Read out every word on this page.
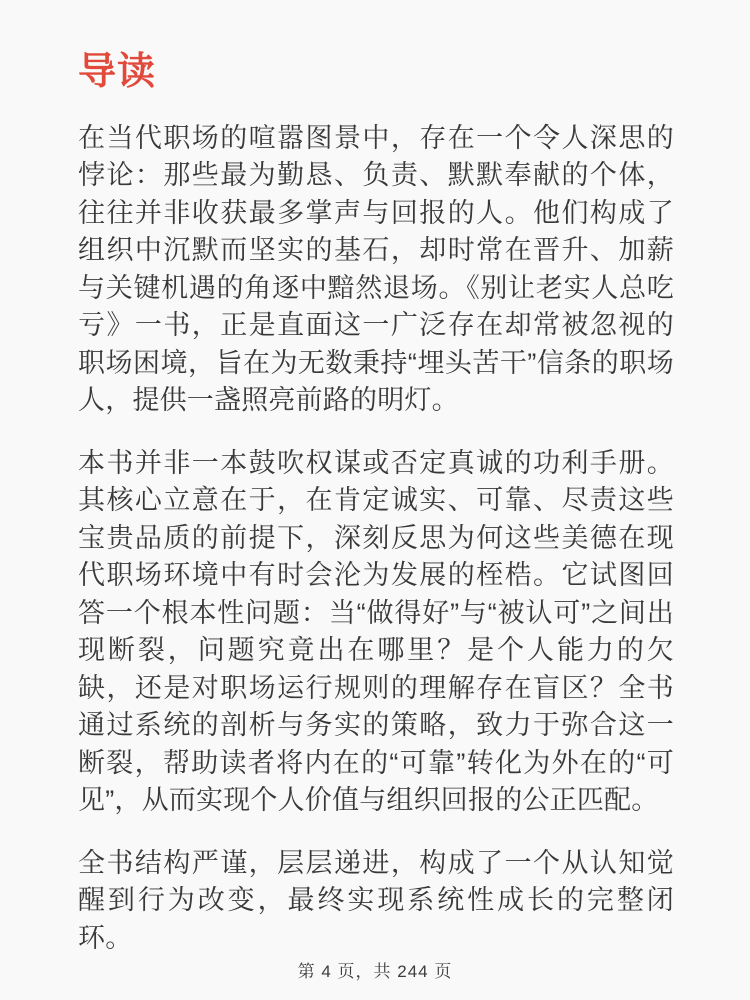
导读

在当代职场的喧嚣图景中，存在一个令人深思的悖论：那些最为勤恳、负责、默默奉献的个体，往往并非收获最多掌声与回报的人。他们构成了组织中沉默而坚实的基石，却时常在晋升、加薪与关键机遇的角逐中黯然退场。《别让老实人总吃亏》一书，正是直面这一广泛存在却常被忽视的职场困境，旨在为无数秉持“埋头苦干”信条的职场人，提供一盏照亮前路的明灯。

本书并非一本鼓吹权谋或否定真诚的功利手册。其核心立意在于，在肯定诚实、可靠、尽责这些宝贵品质的前提下，深刻反思为何这些美德在现代职场环境中有时会沦为发展的桎梏。它试图回答一个根本性问题：当“做得好”与“被认可”之间出现断裂，问题究竟出在哪里？是个人能力的欠缺，还是对职场运行规则的理解存在盲区？全书通过系统的剖析与务实的策略，致力于弥合这一断裂，帮助读者将内在的“可靠”转化为外在的“可见”，从而实现个人价值与组织回报的公正匹配。

全书结构严谨，层层递进，构成了一个从认知觉醒到行为改变，最终实现系统性成长的完整闭环。

第 4 页，共 244 页
